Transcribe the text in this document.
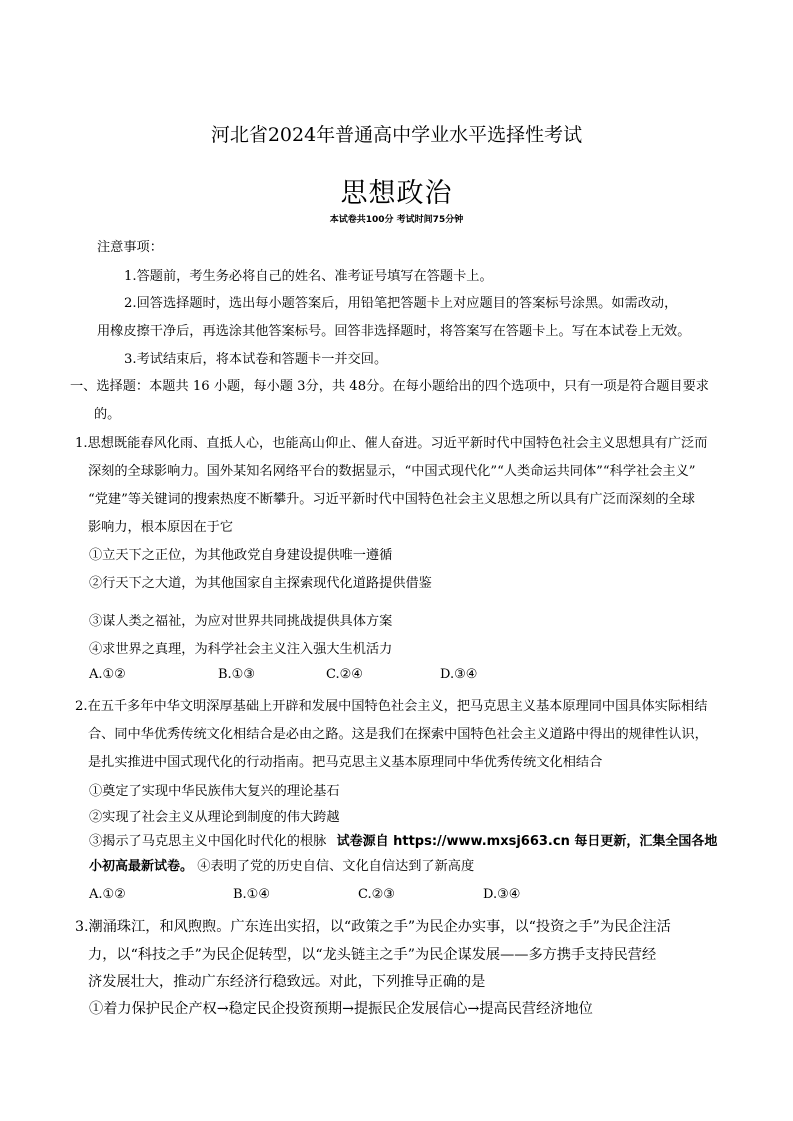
河北省2024年普通高中学业水平选择性考试
思想政治
本试卷共100分 考试时间75分钟
注意事项：
1.答题前，考生务必将自己的姓名、准考证号填写在答题卡上。
2.回答选择题时，选出每小题答案后，用铅笔把答题卡上对应题目的答案标号涂黑。如需改动，
用橡皮擦干净后，再选涂其他答案标号。回答非选择题时，将答案写在答题卡上。写在本试卷上无效。
3.考试结束后，将本试卷和答题卡一并交回。
一、选择题：本题共 16 小题，每小题 3分，共 48分。在每小题给出的四个选项中，只有一项是符合题目要求
的。
1.思想既能春风化雨、直抵人心，也能高山仰止、催人奋进。习近平新时代中国特色社会主义思想具有广泛而
深刻的全球影响力。国外某知名网络平台的数据显示，“中国式现代化”“人类命运共同体”“科学社会主义”
“党建”等关键词的搜索热度不断攀升。习近平新时代中国特色社会主义思想之所以具有广泛而深刻的全球
影响力，根本原因在于它
①立天下之正位，为其他政党自身建设提供唯一遵循
②行天下之大道，为其他国家自主探索现代化道路提供借鉴
③谋人类之福祉，为应对世界共同挑战提供具体方案
④求世界之真理，为科学社会主义注入强大生机活力
A.①②	B.①③	C.②④	D.③④
2.在五千多年中华文明深厚基础上开辟和发展中国特色社会主义，把马克思主义基本原理同中国具体实际相结
合、同中华优秀传统文化相结合是必由之路。这是我们在探索中国特色社会主义道路中得出的规律性认识，
是扎实推进中国式现代化的行动指南。把马克思主义基本原理同中华优秀传统文化相结合
①奠定了实现中华民族伟大复兴的理论基石
②实现了社会主义从理论到制度的伟大跨越
③揭示了马克思主义中国化时代化的根脉 试卷源自 https://www.mxsj663.cn 每日更新，汇集全国各地
小初高最新试卷。 ④表明了党的历史自信、文化自信达到了新高度
A.①②	B.①④	C.②③	D.③④
3.潮涌珠江，和风煦煦。广东连出实招，以“政策之手”为民企办实事，以“投资之手”为民企注活
力，以“科技之手”为民企促转型，以“龙头链主之手”为民企谋发展——多方携手支持民营经
济发展壮大，推动广东经济行稳致远。对此，下列推导正确的是
①着力保护民企产权→稳定民企投资预期→提振民企发展信心→提高民营经济地位
